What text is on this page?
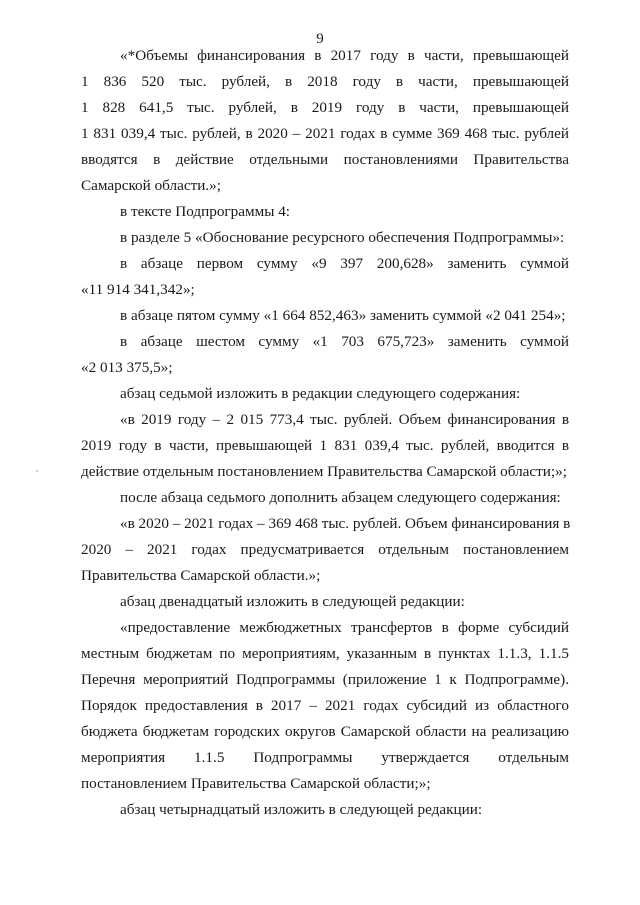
9
«*Объемы финансирования в 2017 году в части, превышающей
1 836 520 тыс. рублей, в 2018 году в части, превышающей
1 828 641,5 тыс. рублей, в 2019 году в части, превышающей
1 831 039,4 тыс. рублей, в 2020 – 2021 годах в сумме 369 468 тыс. рублей
вводятся в действие отдельными постановлениями Правительства
Самарской области.»;
в тексте Подпрограммы 4:
в разделе 5 «Обоснование ресурсного обеспечения Подпрограммы»:
в абзаце первом сумму «9 397 200,628» заменить суммой
«11 914 341,342»;
в абзаце пятом сумму «1 664 852,463» заменить суммой «2 041 254»;
в абзаце шестом сумму «1 703 675,723» заменить суммой
«2 013 375,5»;
абзац седьмой изложить в редакции следующего содержания:
«в 2019 году – 2 015 773,4 тыс. рублей. Объем финансирования в
2019 году в части, превышающей 1 831 039,4 тыс. рублей, вводится в
действие отдельным постановлением Правительства Самарской области;»;
после абзаца седьмого дополнить абзацем следующего содержания:
«в 2020 – 2021 годах – 369 468 тыс. рублей. Объем финансирования в
2020 – 2021 годах предусматривается отдельным постановлением
Правительства Самарской области.»;
абзац двенадцатый изложить в следующей редакции:
«предоставление межбюджетных трансфертов в форме субсидий
местным бюджетам по мероприятиям, указанным в пунктах 1.1.3, 1.1.5
Перечня мероприятий Подпрограммы (приложение 1 к Подпрограмме).
Порядок предоставления в 2017 – 2021 годах субсидий из областного
бюджета бюджетам городских округов Самарской области на реализацию
мероприятия 1.1.5 Подпрограммы утверждается отдельным
постановлением Правительства Самарской области;»;
абзац четырнадцатый изложить в следующей редакции:
